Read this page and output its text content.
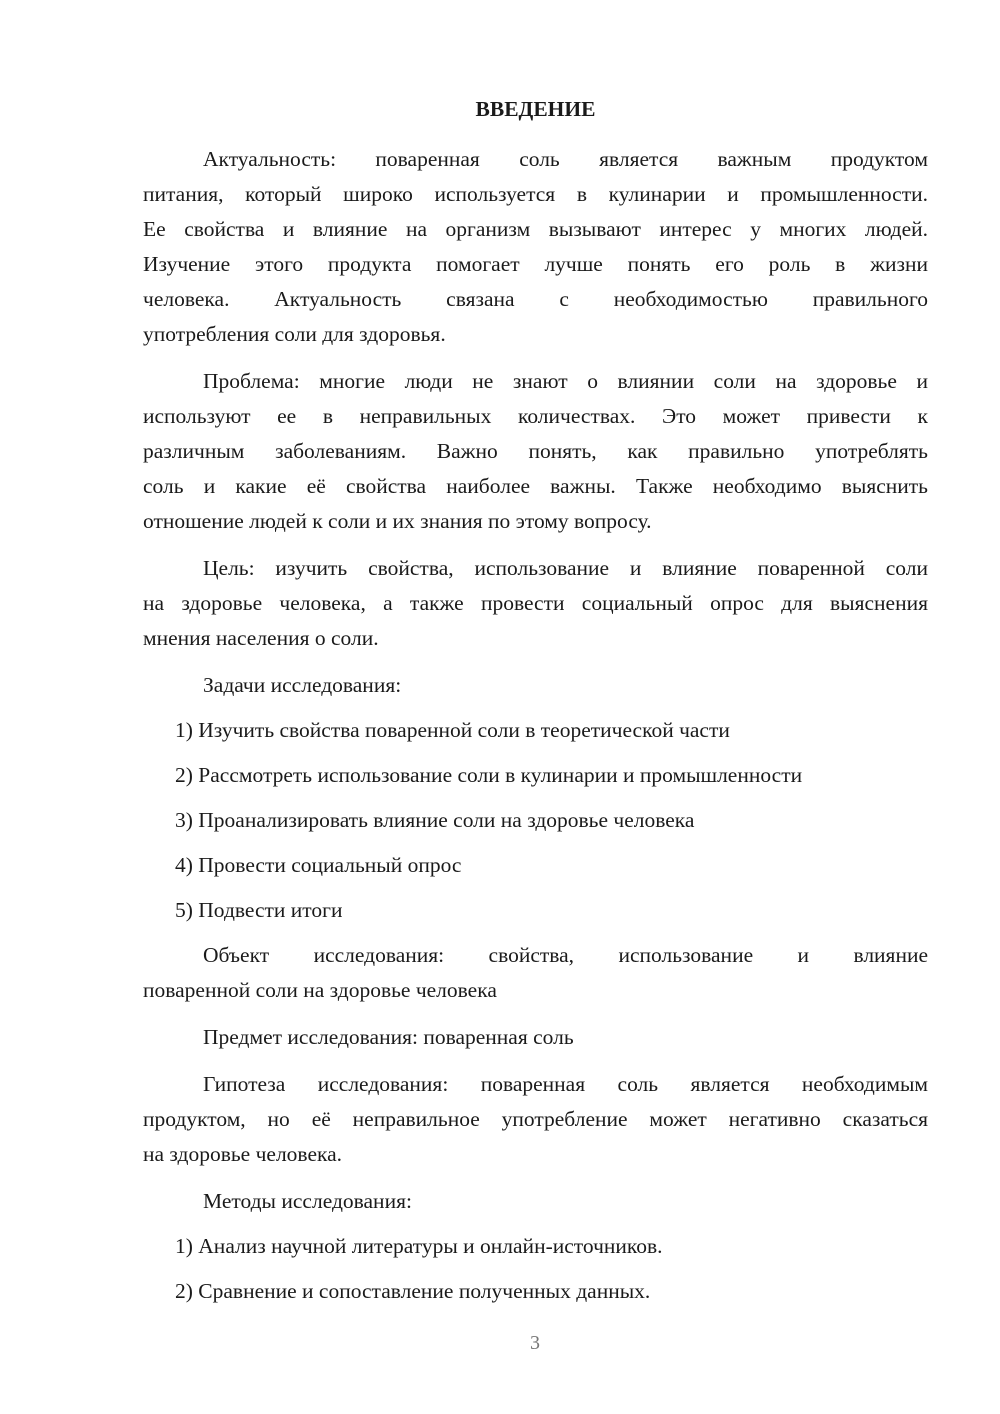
ВВЕДЕНИЕ
Актуальность: поваренная соль является важным продуктом
питания, который широко используется в кулинарии и промышленности.
Ее свойства и влияние на организм вызывают интерес у многих людей.
Изучение этого продукта помогает лучше понять его роль в жизни
человека. Актуальность связана с необходимостью правильного
употребления соли для здоровья.
Проблема: многие люди не знают о влиянии соли на здоровье и
используют ее в неправильных количествах. Это может привести к
различным заболеваниям. Важно понять, как правильно употреблять
соль и какие её свойства наиболее важны. Также необходимо выяснить
отношение людей к соли и их знания по этому вопросу.
Цель: изучить свойства, использование и влияние поваренной соли
на здоровье человека, а также провести социальный опрос для выяснения
мнения населения о соли.
Задачи исследования:
1) Изучить свойства поваренной соли в теоретической части
2) Рассмотреть использование соли в кулинарии и промышленности
3) Проанализировать влияние соли на здоровье человека
4) Провести социальный опрос
5) Подвести итоги
Объект исследования: свойства, использование и влияние
поваренной соли на здоровье человека
Предмет исследования: поваренная соль
Гипотеза исследования: поваренная соль является необходимым
продуктом, но её неправильное употребление может негативно сказаться
на здоровье человека.
Методы исследования:
1) Анализ научной литературы и онлайн-источников.
2) Сравнение и сопоставление полученных данных.
3
